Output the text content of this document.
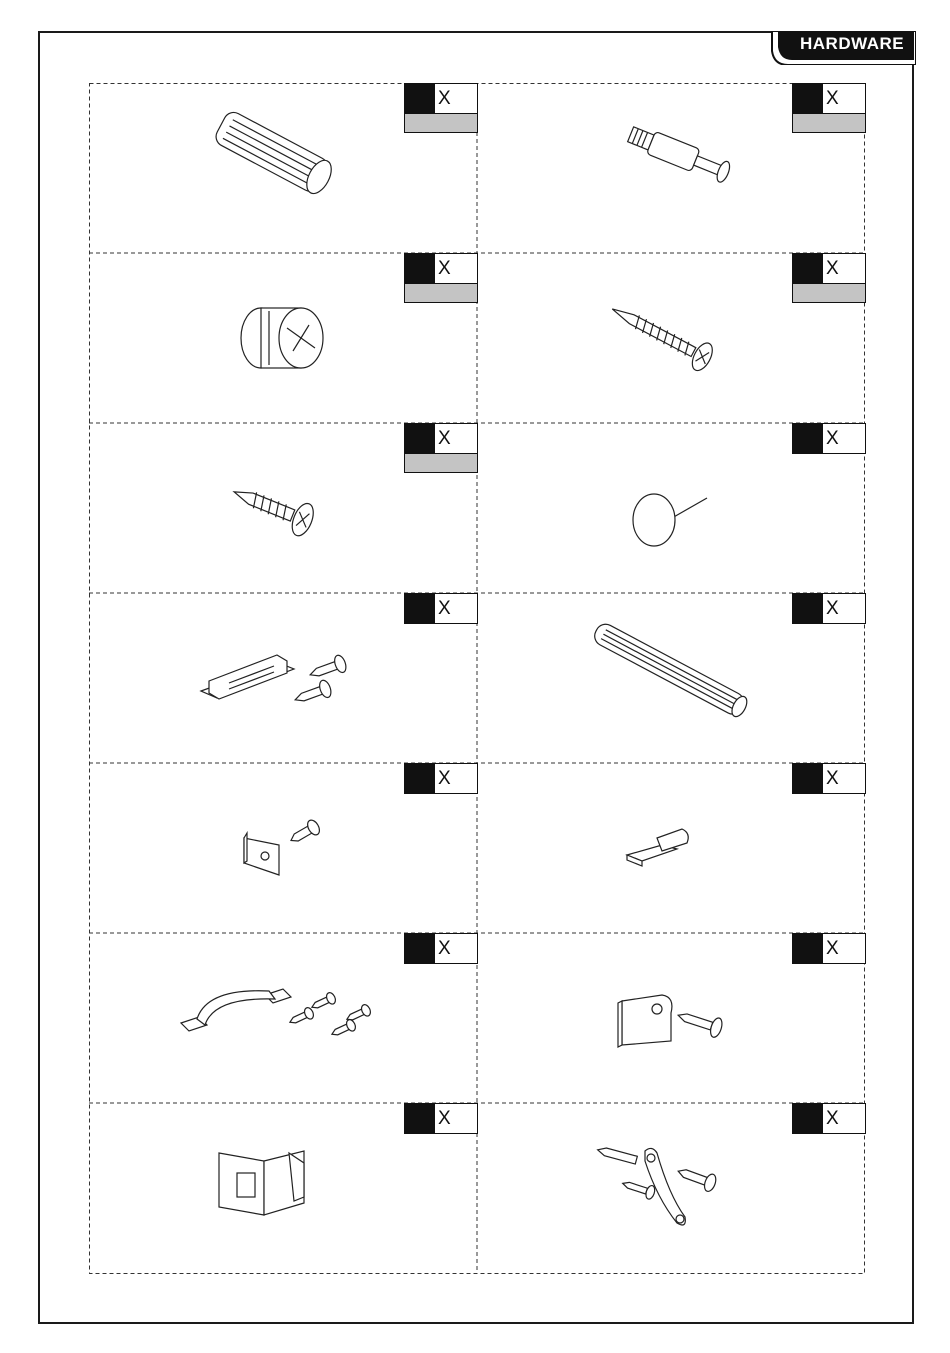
HARDWARE
X	X
X	X
X	X
X	X
X	X
X	X
X	X
